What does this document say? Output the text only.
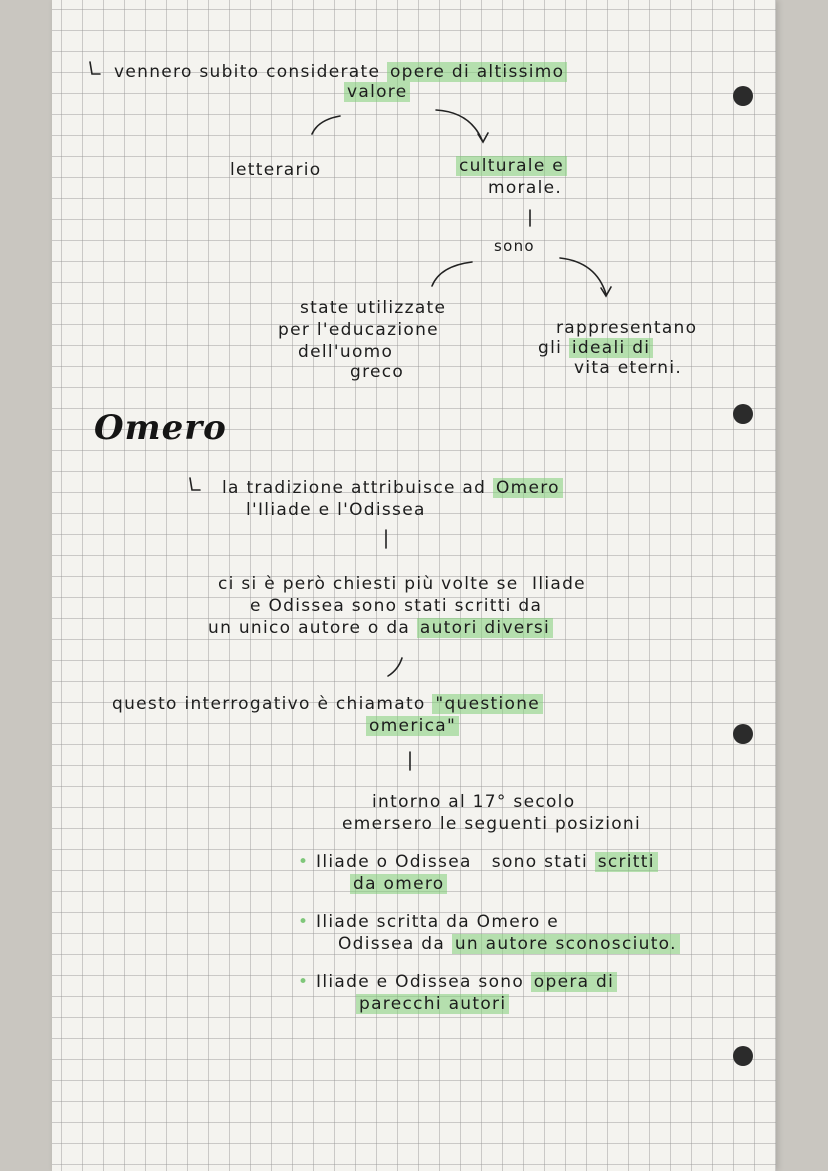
vennero subito considerate opere di altissimo
valore
letterario	culturale e
morale.
sono
state utilizzate
per l'educazione
dell'uomo
greco
rappresentano
gli ideali di
vita eterni.
Omero
la tradizione attribuisce ad Omero
l'Iliade e l'Odissea
ci si è però chiesti più volte se Iliade
e Odissea sono stati scritti da
un unico autore o da autori diversi
questo interrogativo è chiamato "questione
omerica"
intorno al 17° secolo
emersero le seguenti posizioni
• Iliade o Odissea sono stati scritti
da omero
• Iliade scritta da Omero e
Odissea da un autore sconosciuto.
• Iliade e Odissea sono opera di
parecchi autori
